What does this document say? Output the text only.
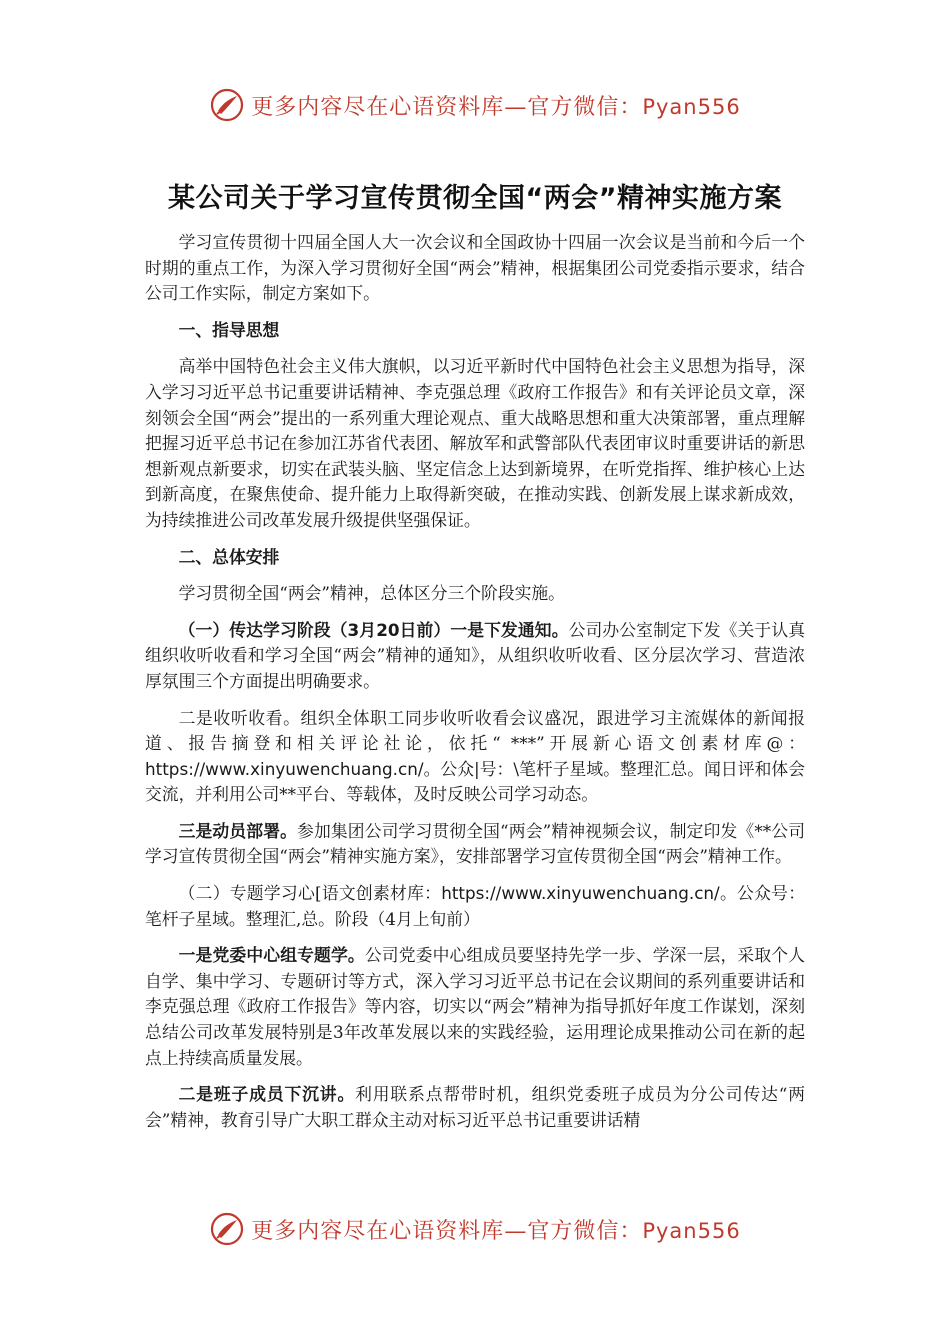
更多内容尽在心语资料库—官方微信：Pyan556
某公司关于学习宣传贯彻全国“两会”精神实施方案

学习宣传贯彻十四届全国人大一次会议和全国政协十四届一次会议是当前和今后一个时期的重点工作，为深入学习贯彻好全国“两会”精神，根据集团公司党委指示要求，结合公司工作实际，制定方案如下。

一、指导思想

高举中国特色社会主义伟大旗帜，以习近平新时代中国特色社会主义思想为指导，深入学习习近平总书记重要讲话精神、李克强总理《政府工作报告》和有关评论员文章，深刻领会全国“两会”提出的一系列重大理论观点、重大战略思想和重大决策部署，重点理解把握习近平总书记在参加江苏省代表团、解放军和武警部队代表团审议时重要讲话的新思想新观点新要求，切实在武装头脑、坚定信念上达到新境界，在听党指挥、维护核心上达到新高度，在聚焦使命、提升能力上取得新突破，在推动实践、创新发展上谋求新成效，为持续推进公司改革发展升级提供坚强保证。

二、总体安排

学习贯彻全国“两会”精神，总体区分三个阶段实施。

（一）传达学习阶段（3月20日前）一是下发通知。公司办公室制定下发《关于认真组织收听收看和学习全国“两会”精神的通知》，从组织收听收看、区分层次学习、营造浓厚氛围三个方面提出明确要求。

二是收听收看。组织全体职工同步收听收看会议盛况，跟进学习主流媒体的新闻报道、报告摘登和相关评论社论，依托“ ***”开展新心语文创素材库@：https://www.xinyuwenchuang.cn/。公众|号：\笔杆子星域。整理汇总。闻日评和体会交流，并利用公司**平台、等载体，及时反映公司学习动态。

三是动员部署。参加集团公司学习贯彻全国“两会”精神视频会议，制定印发《**公司学习宣传贯彻全国“两会”精神实施方案》，安排部署学习宣传贯彻全国“两会”精神工作。

（二）专题学习心[语文创素材库：https://www.xinyuwenchuang.cn/。公众号：笔杆子星域。整理汇,总。阶段（4月上旬前）

一是党委中心组专题学。公司党委中心组成员要坚持先学一步、学深一层，采取个人自学、集中学习、专题研讨等方式，深入学习习近平总书记在会议期间的系列重要讲话和李克强总理《政府工作报告》等内容，切实以“两会”精神为指导抓好年度工作谋划，深刻总结公司改革发展特别是3年改革发展以来的实践经验，运用理论成果推动公司在新的起点上持续高质量发展。

二是班子成员下沉讲。利用联系点帮带时机，组织党委班子成员为分公司传达“两会”精神，教育引导广大职工群众主动对标习近平总书记重要讲话精

更多内容尽在心语资料库—官方微信：Pyan556
